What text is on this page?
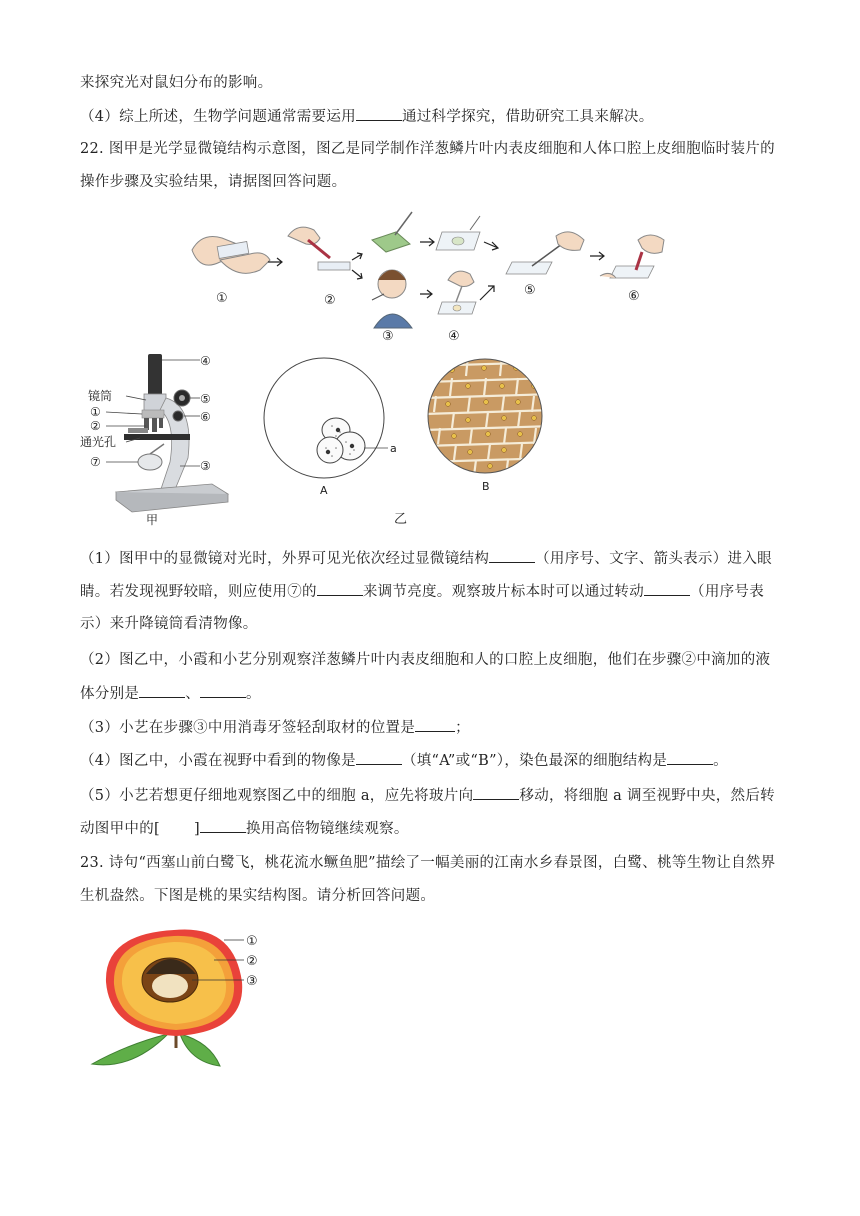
来探究光对鼠妇分布的影响。
（4）综上所述，生物学问题通常需要运用	通过科学探究，借助研究工具来解决。
22. 图甲是光学显微镜结构示意图，图乙是同学制作洋葱鳞片叶内表皮细胞和人体口腔上皮细胞临时装片的
操作步骤及实验结果，请据图回答问题。
①	②
③	④
⑤	⑥
④
镜筒	⑤
①	⑥
②
通光孔
⑦	③
甲
a
A	B
乙
（1）图甲中的显微镜对光时，外界可见光依次经过显微镜结构	（用序号、文字、箭头表示）进入眼
睛。若发现视野较暗，则应使用⑦的	来调节亮度。观察玻片标本时可以通过转动	（用序号表
示）来升降镜筒看清物像。
（2）图乙中，小霞和小艺分别观察洋葱鳞片叶内表皮细胞和人的口腔上皮细胞，他们在步骤②中滴加的液
体分别是	、	。
（3）小艺在步骤③中用消毒牙签轻刮取材的位置是	；
（4）图乙中，小霞在视野中看到的物像是	（填“A”或“B”），染色最深的细胞结构是	。
（5）小艺若想更仔细地观察图乙中的细胞 a，应先将玻片向	移动，将细胞 a 调至视野中央，然后转
动图甲中的[ ]	换用高倍物镜继续观察。
23. 诗句“西塞山前白鹭飞，桃花流水鳜鱼肥”描绘了一幅美丽的江南水乡春景图，白鹭、桃等生物让自然界
生机盎然。下图是桃的果实结构图。请分析回答问题。
①
②
③
